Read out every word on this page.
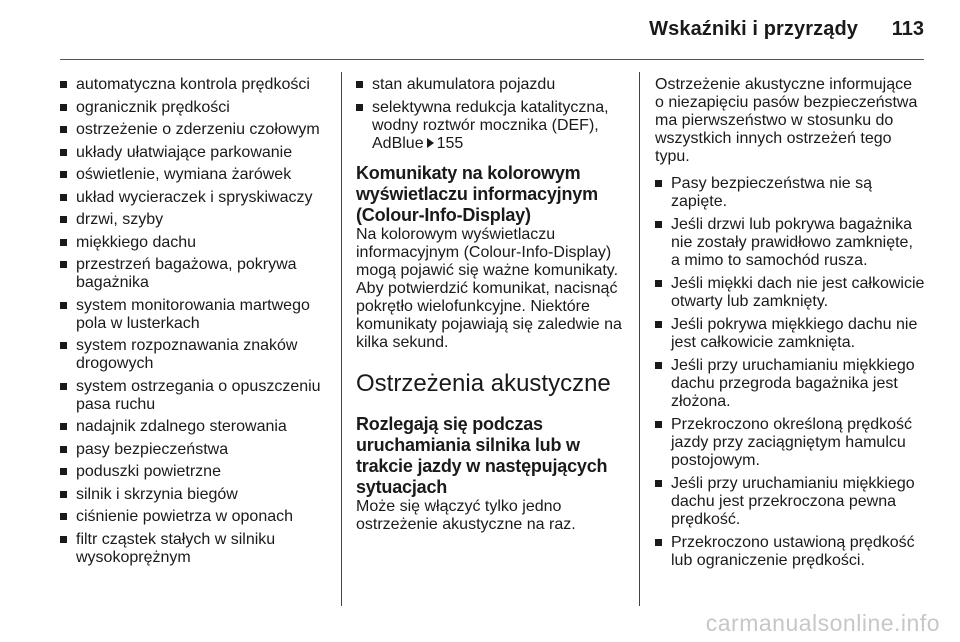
Wskaźniki i przyrządy 113
automatyczna kontrola prędkości
ogranicznik prędkości
ostrzeżenie o zderzeniu czołowym
układy ułatwiające parkowanie
oświetlenie, wymiana żarówek
układ wycieraczek i spryskiwaczy
drzwi, szyby
miękkiego dachu
przestrzeń bagażowa, pokrywa bagażnika
system monitorowania martwego pola w lusterkach
system rozpoznawania znaków drogowych
system ostrzegania o opuszczeniu pasa ruchu
nadajnik zdalnego sterowania
pasy bezpieczeństwa
poduszki powietrzne
silnik i skrzynia biegów
ciśnienie powietrza w oponach
filtr cząstek stałych w silniku wysokoprężnym
stan akumulatora pojazdu
selektywna redukcja katalityczna, wodny roztwór mocznika (DEF), AdBlue 155
Komunikaty na kolorowym wyświetlaczu informacyjnym (Colour-Info-Display)

Na kolorowym wyświetlaczu informacyjnym (Colour-Info-Display) mogą pojawić się ważne komunikaty. Aby potwierdzić komunikat, nacisnąć pokrętło wielofunkcyjne. Niektóre komunikaty pojawiają się zaledwie na kilka sekund.

Ostrzeżenia akustyczne
Rozlegają się podczas uruchamiania silnika lub w trakcie jazdy w następujących sytuacjach

Może się włączyć tylko jedno ostrzeżenie akustyczne na raz.

Ostrzeżenie akustyczne informujące o niezapięciu pasów bezpieczeństwa ma pierwszeństwo w stosunku do wszystkich innych ostrzeżeń tego typu.

Pasy bezpieczeństwa nie są zapięte.
Jeśli drzwi lub pokrywa bagażnika nie zostały prawidłowo zamknięte, a mimo to samochód rusza.
Jeśli miękki dach nie jest całkowicie otwarty lub zamknięty.
Jeśli pokrywa miękkiego dachu nie jest całkowicie zamknięta.
Jeśli przy uruchamianiu miękkiego dachu przegroda bagażnika jest złożona.
Przekroczono określoną prędkość jazdy przy zaciągniętym hamulcu postojowym.
Jeśli przy uruchamianiu miękkiego dachu jest przekroczona pewna prędkość.
Przekroczono ustawioną prędkość lub ograniczenie prędkości.
carmanualsonline.info
